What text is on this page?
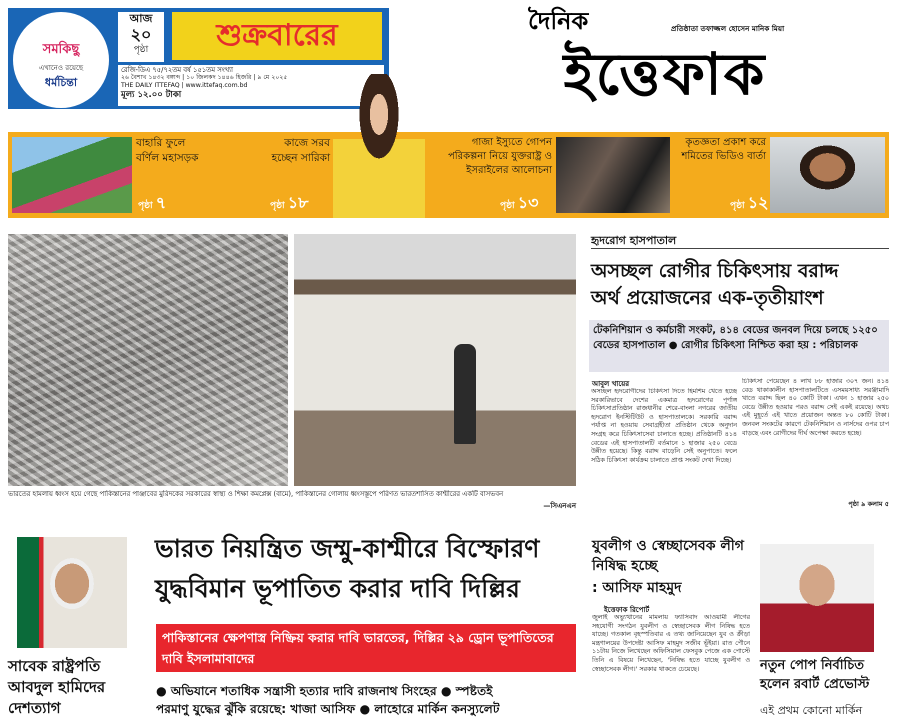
সমকিছু
এখানেও রয়েছে
ধর্মচিন্তা
আজ
২০
পৃষ্ঠা	শুক্রবারের
রেজি-ডিএ ৭৫/৭২তম বর্ষ ১৫১তম সংখ্যা
২৬ বৈশাখ ১৪৩২ বঙ্গাব্দ | ১০ জিলকদ ১৪৪৬ হিজরি | ৯ মে ২০২৫
THE DAILY ITTEFAQ | www.ittefaq.com.bd
মূল্য ১২.০০ টাকা
দৈনিক	প্রতিষ্ঠাতা তফাজ্জল হোসেন মানিক মিয়া
ইত্তেফাক
বাহারি ফুলে বর্ণিল মহাসড়ক
পৃষ্ঠা ৭
কাজে সরব হচ্ছেন সারিকা
পৃষ্ঠা ১৮
গাজা ইস্যুতে গোপন পরিকল্পনা নিয়ে যুক্তরাষ্ট্র ও ইসরাইলের আলোচনা
পৃষ্ঠা ১৩
কৃতজ্ঞতা প্রকাশ করে শমিতের ভিডিও বার্তা
পৃষ্ঠা ১২
ভারতের হামলায় ধ্বংস হয়ে গেছে পাকিস্তানের পাঞ্জাবের মুরিদকের সরকারের স্বাস্থ্য ও শিক্ষা কমপ্লেক্স (বামে), পাকিস্তানের গোলায় ধ্বংসস্তূপে পরিণত ভারতশাসিত কাশ্মীরের একটি বাসভবন
—সিএনএন
হৃদরোগ হাসপাতাল
অসচ্ছল রোগীর চিকিৎসায় বরাদ্দ
অর্থ প্রয়োজনের এক-তৃতীয়াংশ
টেকনিশিয়ান ও কর্মচারী সংকট, ৪১৪ বেডের জনবল দিয়ে চলছে ১২৫০ বেডের হাসপাতাল ● রোগীর চিকিৎসা নিশ্চিত করা হয় : পরিচালক
আবুল খায়ের
অসচ্ছল হৃদরোগীদের চিকিৎসা দিতে হিমশিম খেতে হচ্ছে সরকারিভাবে দেশের একমাত্র হৃদরোগের পূর্ণাঙ্গ চিকিৎসাপ্রতিষ্ঠান রাজধানীর শেরে-বাংলা নগরের জাতীয় হৃদরোগ ইনস্টিটিউট ও হাসপাতালকে। সরকারি বরাদ্দ পর্যাপ্ত না হওয়ায় সেবাগ্রহীতা প্রতিষ্ঠান থেকে অনুদান সংগ্রহ করে চিকিৎসাসেবা চালাতে হচ্ছে। প্রতিষ্ঠানটি ৪১৪ বেডের এই হাসপাতালটি বর্তমানে ১ হাজার ২৫০ বেডে উন্নীত হয়েছে। কিন্তু বরাদ্দ বাড়েনি সেই অনুপাতে। ফলে সঠিক চিকিৎসা কার্যক্রম চালাতে প্রাপ্ত সংকট দেখা দিচ্ছে।
চিকিৎসা পেয়েছেন ৪ লাখ ৮৮ হাজার ৩০৭ জন। ৪১৪ বেড থাকাকালীন হাসপাতালটিতে এসময়সাধ্য সরঞ্জামাদি খাতে বরাদ্দ ছিল ৪০ কোটি টাকা। এখন ১ হাজার ২৫০ বেডে উন্নীত হওয়ার পরও বরাদ্দ সেই একই রয়েছে। অথচ এই মুহূর্তে এই খাতে প্রয়োজন অন্তত ৮০ কোটি টাকা। জনবল সংকটের কারণে টেকনিশিয়ান ও নার্সদের ওপর চাপ বাড়ছে এবং রোগীদের দীর্ঘ অপেক্ষা করতে হচ্ছে।
পৃষ্ঠা ৯ কলাম ৫
সাবেক রাষ্ট্রপতি আবদুল হামিদের দেশত্যাগ
ভারত নিয়ন্ত্রিত জম্মু-কাশ্মীরে বিস্ফোরণ
যুদ্ধবিমান ভূপাতিত করার দাবি দিল্লির
পাকিস্তানের ক্ষেপণাস্ত্র নিষ্ক্রিয় করার দাবি ভারতের, দিল্লির ২৯ ড্রোন ভূপাতিতের দাবি ইসলামাবাদের
● অভিযানে শতাধিক সন্ত্রাসী হত্যার দাবি রাজনাথ সিংহের ● স্পষ্টতই
পরমাণু যুদ্ধের ঝুঁকি রয়েছে: খাজা আসিফ ● লাহোরে মার্কিন কনস্যুলেট
যুবলীগ ও স্বেচ্ছাসেবক লীগ নিষিদ্ধ হচ্ছে
: আসিফ মাহমুদ
ইত্তেফাক রিপোর্ট
জুলাই অভ্যুত্থানের মামলায় ফ্যাসিবাদ আওয়ামী লীগের সহযোগী সংগঠন যুবলীগ ও স্বেচ্ছাসেবক লীগ নিষিদ্ধ হতে যাচ্ছে। গতকাল বৃহস্পতিবার এ তথ্য জানিয়েছেন যুব ও ক্রীড়া মন্ত্রণালয়ের উপদেষ্টা আসিফ মাহমুদ সজীব ভূঁইয়া। রাত পৌনে ১১টায় নিজে লিখেছেন অফিসিয়াল ফেসবুক পেজে এক পোস্টে তিনি এ বিষয়ে লিখেছেন, 'নিষিদ্ধ হতে যাচ্ছে যুবলীগ ও স্বেচ্ছাসেবক লীগ।' সরকার থাকতে চেয়েছে।	নতুন পোপ নির্বাচিত হলেন রবার্ট প্রেভোস্ট
এই প্রথম কোনো মার্কিন
